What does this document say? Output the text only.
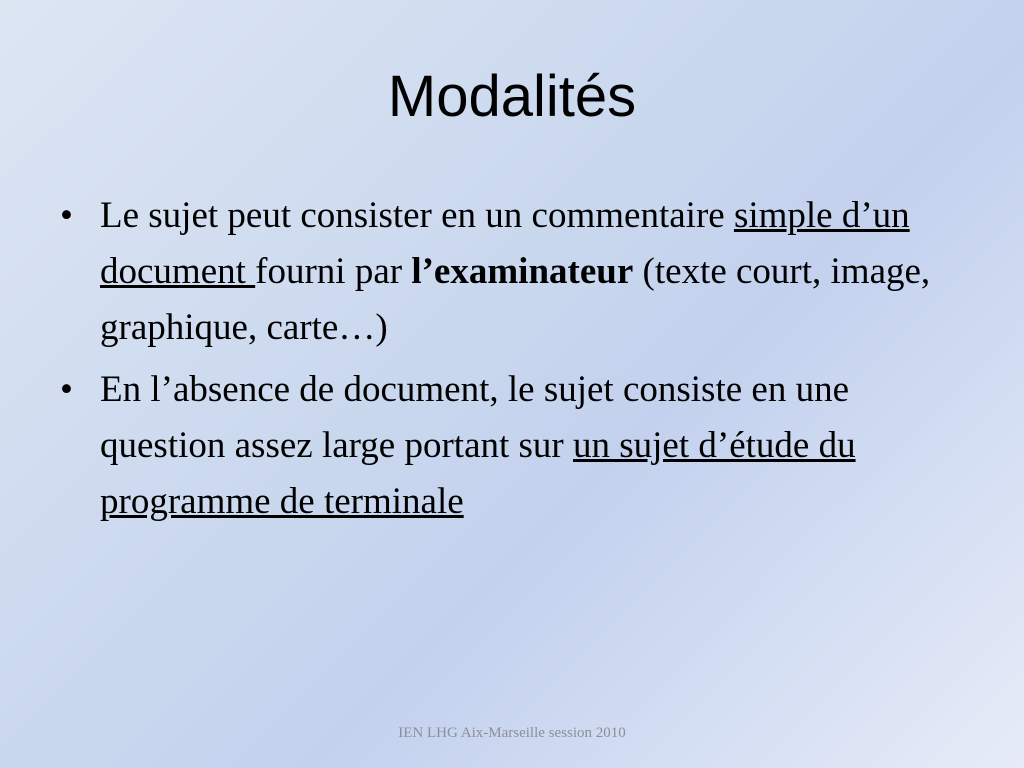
Modalités
• Le sujet peut consister en un commentaire simple d’un document fourni par l’examinateur (texte court, image, graphique, carte…)
• En l’absence de document, le sujet consiste en une question assez large portant sur un sujet d’étude du programme de terminale
IEN LHG Aix-Marseille session 2010
